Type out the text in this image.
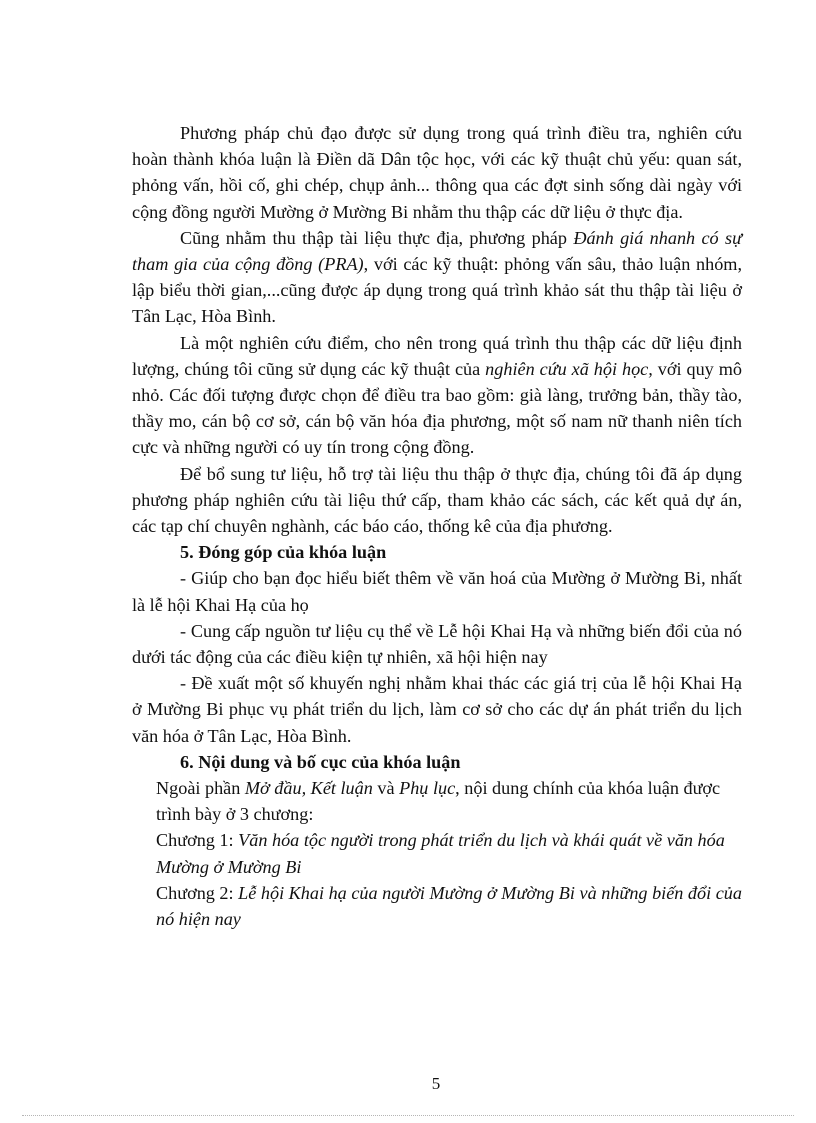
Phương pháp chủ đạo được sử dụng trong quá trình điều tra, nghiên cứu hoàn thành khóa luận là Điền dã Dân tộc học, với các kỹ thuật chủ yếu: quan sát, phỏng vấn, hồi cố, ghi chép, chụp ảnh... thông qua các đợt sinh sống dài ngày với cộng đồng người Mường ở Mường Bi nhằm thu thập các dữ liệu ở thực địa.

Cũng nhằm thu thập tài liệu thực địa, phương pháp Đánh giá nhanh có sự tham gia của cộng đồng (PRA), với các kỹ thuật: phỏng vấn sâu, thảo luận nhóm, lập biểu thời gian,...cũng được áp dụng trong quá trình khảo sát thu thập tài liệu ở Tân Lạc, Hòa Bình.

Là một nghiên cứu điểm, cho nên trong quá trình thu thập các dữ liệu định lượng, chúng tôi cũng sử dụng các kỹ thuật của nghiên cứu xã hội học, với quy mô nhỏ. Các đối tượng được chọn để điều tra bao gồm: già làng, trưởng bản, thầy tào, thầy mo, cán bộ cơ sở, cán bộ văn hóa địa phương, một số nam nữ thanh niên tích cực và những người có uy tín trong cộng đồng.

Để bổ sung tư liệu, hỗ trợ tài liệu thu thập ở thực địa, chúng tôi đã áp dụng phương pháp nghiên cứu tài liệu thứ cấp, tham khảo các sách, các kết quả dự án, các tạp chí chuyên nghành, các báo cáo, thống kê của địa phương.

5. Đóng góp của khóa luận

- Giúp cho bạn đọc hiểu biết thêm về văn hoá của Mường ở Mường Bi, nhất là lễ hội Khai Hạ của họ

- Cung cấp nguồn tư liệu cụ thể về Lễ hội Khai Hạ và những biến đổi của nó dưới tác động của các điều kiện tự nhiên, xã hội hiện nay

- Đề xuất một số khuyến nghị nhằm khai thác các giá trị của lễ hội Khai Hạ ở Mường Bi phục vụ phát triển du lịch, làm cơ sở cho các dự án phát triển du lịch văn hóa ở Tân Lạc, Hòa Bình.

6. Nội dung và bố cục của khóa luận

Ngoài phần Mở đầu, Kết luận và Phụ lục, nội dung chính của khóa luận được trình bày ở 3 chương:

Chương 1: Văn hóa tộc người trong phát triển du lịch và khái quát về văn hóa Mường ở Mường Bi

Chương 2: Lễ hội Khai hạ của người Mường ở Mường Bi và những biến đổi của nó hiện nay

5
